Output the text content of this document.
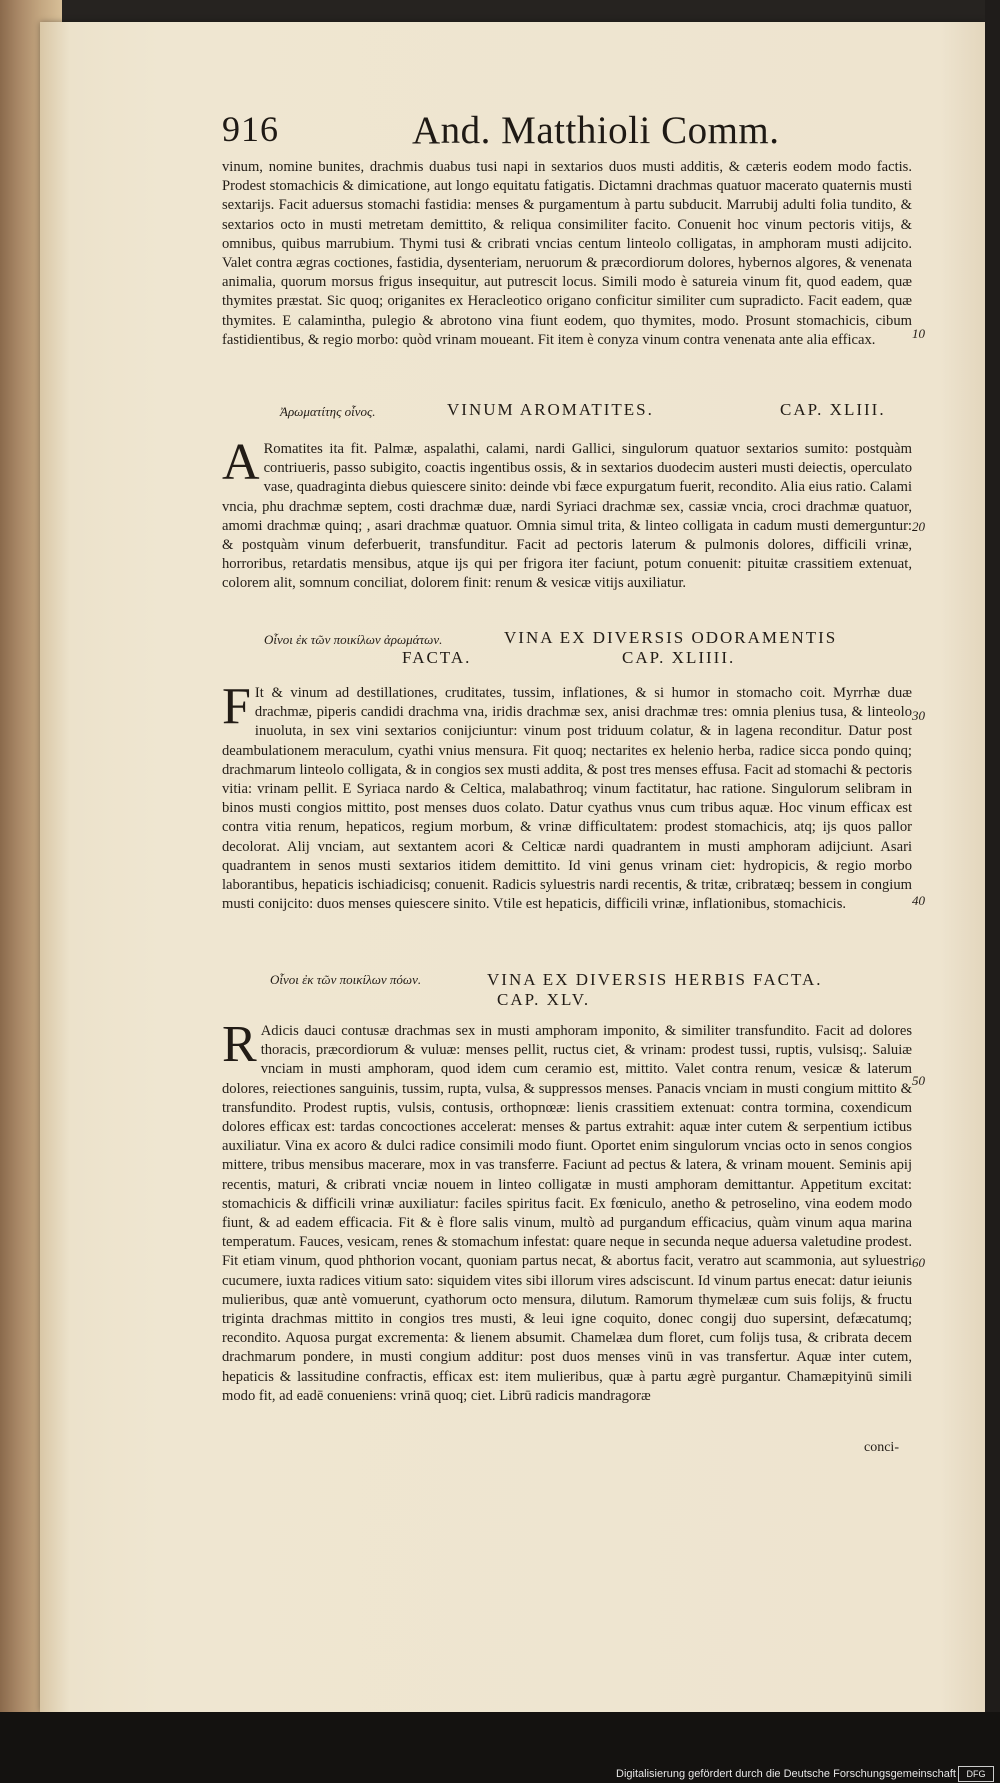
916	And. Matthioli Comm.

vinum, nomine bunites, drachmis duabus tusi napi in sextarios duos musti additis, & cæteris eodem modo factis. Prodest stomachicis & dimicatione, aut longo equitatu fatigatis. Dictamni drachmas quatuor macerato quaternis musti sextarijs. Facit aduersus stomachi fastidia: menses & purgamentum à partu subducit. Marrubij adulti folia tundito, & sextarios octo in musti metretam demittito, & reliqua consimiliter facito. Conuenit hoc vinum pectoris vitijs, & omnibus, quibus marrubium. Thymi tusi & cribrati vncias centum linteolo colligatas, in amphoram musti adijcito. Valet contra ægras coctiones, fastidia, dysenteriam, neruorum & præcordiorum dolores, hybernos algores, & venenata animalia, quorum morsus frigus insequitur, aut putrescit locus. Simili modo è satureia vinum fit, quod eadem, quæ thymites præstat. Sic quoq; origanites ex Heracleotico origano conficitur similiter cum supradicto. Facit eadem, quæ thymites. E calamintha, pulegio & abrotono vina fiunt eodem, quo thymites, modo. Prosunt stomachicis, cibum fastidientibus, & regio morbo: quòd vrinam moueant. Fit item è conyza vinum contra venenata ante alia efficax.

Ἀρωματίτης οἶνος.	VINUM AROMATITES.	CAP. XLIII.
A Romatites ita fit. Palmæ, aspalathi, calami, nardi Gallici, singulorum quatuor sextarios sumito: postquàm contriueris, passo subigito, coactis ingentibus ossis, & in sextarios duodecim austeri musti deiectis, operculato vase, quadraginta diebus quiescere sinito: deinde vbi fæce expurgatum fuerit, recondito. Alia eius ratio. Calami vncia, phu drachmæ septem, costi drachmæ duæ, nardi Syriaci drachmæ sex, cassiæ vncia, croci drachmæ quatuor, amomi drachmæ quinq; , asari drachmæ quatuor. Omnia simul trita, & linteo colligata in cadum musti demerguntur: & postquàm vinum deferbuerit, transfunditur. Facit ad pectoris laterum & pulmonis dolores, difficili vrinæ, horroribus, retardatis mensibus, atque ijs qui per frigora iter faciunt, potum conuenit: pituitæ crassitiem extenuat, colorem alit, somnum conciliat, dolorem finit: renum & vesicæ vitijs auxiliatur.

Οἶνοι ἐκ τῶν ποικίλων ἀρωμάτων.	VINA EX DIVERSIS ODORAMENTIS
FACTA.	CAP. XLIIII.
F It & vinum ad destillationes, cruditates, tussim, inflationes, & si humor in stomacho coit. Myrrhæ duæ drachmæ, piperis candidi drachma vna, iridis drachmæ sex, anisi drachmæ tres: omnia plenius tusa, & linteolo inuoluta, in sex vini sextarios conijciuntur: vinum post triduum colatur, & in lagena reconditur. Datur post deambulationem meraculum, cyathi vnius mensura. Fit quoq; nectarites ex helenio herba, radice sicca pondo quinq; drachmarum linteolo colligata, & in congios sex musti addita, & post tres menses effusa. Facit ad stomachi & pectoris vitia: vrinam pellit. E Syriaca nardo & Celtica, malabathroq; vinum factitatur, hac ratione. Singulorum selibram in binos musti congios mittito, post menses duos colato. Datur cyathus vnus cum tribus aquæ. Hoc vinum efficax est contra vitia renum, hepaticos, regium morbum, & vrinæ difficultatem: prodest stomachicis, atq; ijs quos pallor decolorat. Alij vnciam, aut sextantem acori & Celticæ nardi quadrantem in musti amphoram adijciunt. Asari quadrantem in senos musti sextarios itidem demittito. Id vini genus vrinam ciet: hydropicis, & regio morbo laborantibus, hepaticis ischiadicisq; conuenit. Radicis syluestris nardi recentis, & tritæ, cribratæq; bessem in congium musti conijcito: duos menses quiescere sinito. Vtile est hepaticis, difficili vrinæ, inflationibus, stomachicis.

Οἶνοι ἐκ τῶν ποικίλων πόων.	VINA EX DIVERSIS HERBIS FACTA.
CAP. XLV.
R Adicis dauci contusæ drachmas sex in musti amphoram imponito, & similiter transfundito. Facit ad dolores thoracis, præcordiorum & vuluæ: menses pellit, ructus ciet, & vrinam: prodest tussi, ruptis, vulsisq;. Saluiæ vnciam in musti amphoram, quod idem cum ceramio est, mittito. Valet contra renum, vesicæ & laterum dolores, reiectiones sanguinis, tussim, rupta, vulsa, & suppressos menses. Panacis vnciam in musti congium mittito & transfundito. Prodest ruptis, vulsis, contusis, orthopnœæ: lienis crassitiem extenuat: contra tormina, coxendicum dolores efficax est: tardas concoctiones accelerat: menses & partus extrahit: aquæ inter cutem & serpentium ictibus auxiliatur. Vina ex acoro & dulci radice consimili modo fiunt. Oportet enim singulorum vncias octo in senos congios mittere, tribus mensibus macerare, mox in vas transferre. Faciunt ad pectus & latera, & vrinam mouent. Seminis apij recentis, maturi, & cribrati vnciæ nouem in linteo colligatæ in musti amphoram demittantur. Appetitum excitat: stomachicis & difficili vrinæ auxiliatur: faciles spiritus facit. Ex fœniculo, anetho & petroselino, vina eodem modo fiunt, & ad eadem efficacia. Fit & è flore salis vinum, multò ad purgandum efficacius, quàm vinum aqua marina temperatum. Fauces, vesicam, renes & stomachum infestat: quare neque in secunda neque aduersa valetudine prodest. Fit etiam vinum, quod phthorion vocant, quoniam partus necat, & abortus facit, veratro aut scammonia, aut syluestri cucumere, iuxta radices vitium sato: siquidem vites sibi illorum vires adsciscunt. Id vinum partus enecat: datur ieiunis mulieribus, quæ antè vomuerunt, cyathorum octo mensura, dilutum. Ramorum thymelææ cum suis folijs, & fructu triginta drachmas mittito in congios tres musti, & leui igne coquito, donec congij duo supersint, defæcatumq; recondito. Aquosa purgat excrementa: & lienem absumit. Chamelæa dum floret, cum folijs tusa, & cribrata decem drachmarum pondere, in musti congium additur: post duos menses vinū in vas transfertur. Aquæ inter cutem, hepaticis & lassitudine confractis, efficax est: item mulieribus, quæ à partu ægrè purgantur. Chamæpityinū simili modo fit, ad eadē conueniens: vrinā quoq; ciet. Librū radicis mandragoræ

conci-
10
20
30
40
50
60
Digitalisierung gefördert durch die Deutsche Forschungsgemeinschaft	DFG
